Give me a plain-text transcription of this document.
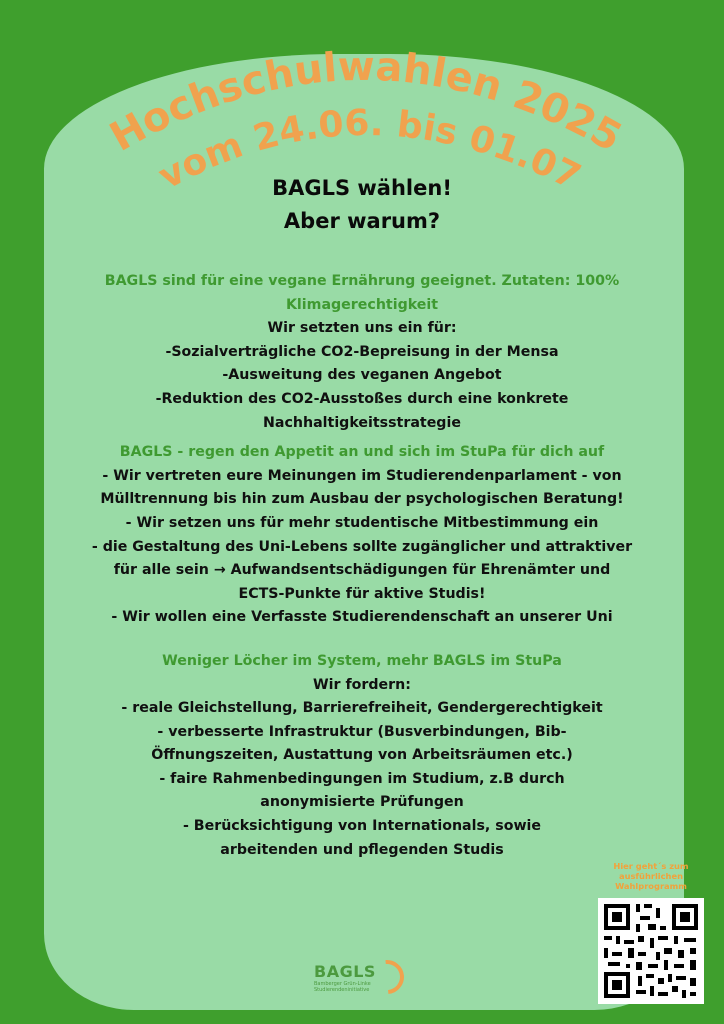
Hochschulwahlen 2025
vom 24.06. bis 01.07

BAGLS wählen!

Aber warum?

BAGLS sind für eine vegane Ernährung geeignet. Zutaten: 100%

Klimagerechtigkeit

Wir setzten uns ein für:

-Sozialverträgliche CO2-Bepreisung in der Mensa

-Ausweitung des veganen Angebot

-Reduktion des CO2-Ausstoßes durch eine konkrete

Nachhaltigkeitsstrategie

BAGLS - regen den Appetit an und sich im StuPa für dich auf

- Wir vertreten eure Meinungen im Studierendenparlament - von

Mülltrennung bis hin zum Ausbau der psychologischen Beratung!

- Wir setzen uns für mehr studentische Mitbestimmung ein

- die Gestaltung des Uni-Lebens sollte zugänglicher und attraktiver

für alle sein → Aufwandsentschädigungen für Ehrenämter und

ECTS-Punkte für aktive Studis!

- Wir wollen eine Verfasste Studierendenschaft an unserer Uni

Weniger Löcher im System, mehr BAGLS im StuPa

Wir fordern:

- reale Gleichstellung, Barrierefreiheit, Gendergerechtigkeit

- verbesserte Infrastruktur (Busverbindungen, Bib-

Öffnungszeiten, Austattung von Arbeitsräumen etc.)

- faire Rahmenbedingungen im Studium, z.B durch

anonymisierte Prüfungen

- Berücksichtigung von Internationals, sowie

arbeitenden und pflegenden Studis

Hier geht´s zum
ausführlichen
Wahlprogramm
BAGLS
Bamberger Grün-Linke
Studierendeninitiative
